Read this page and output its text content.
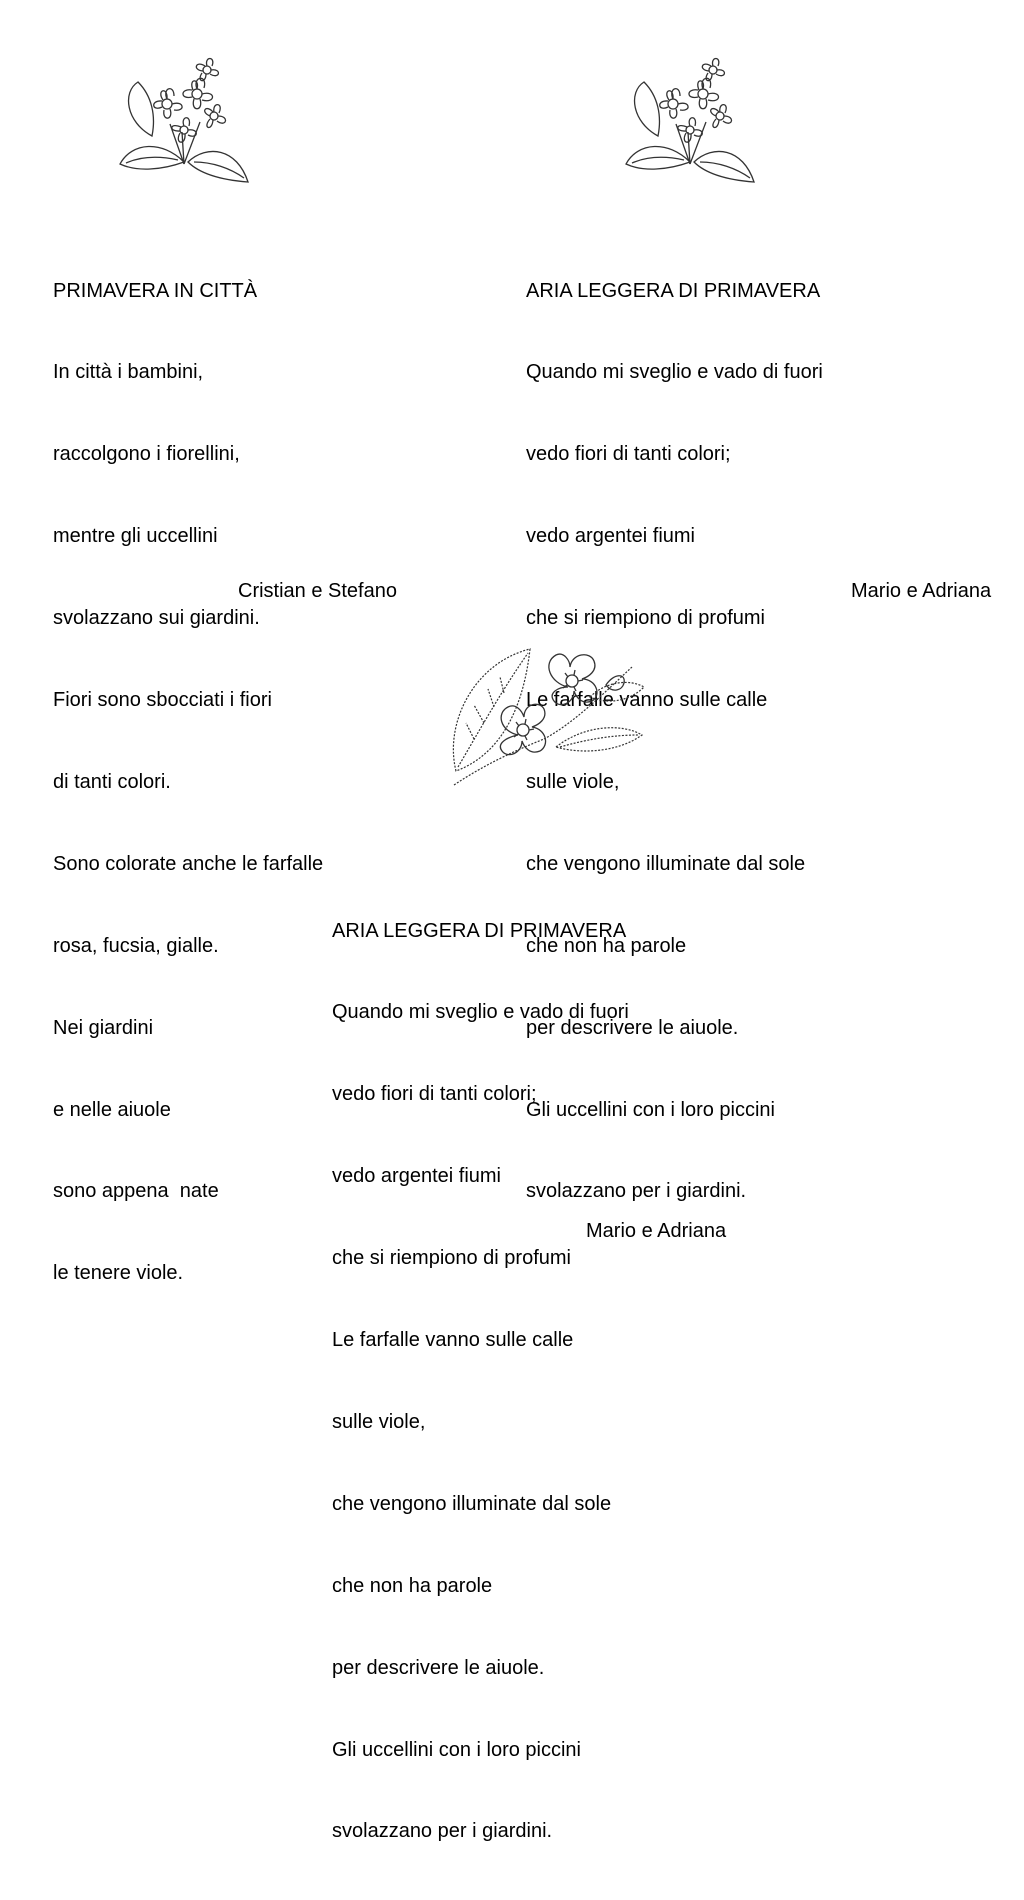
PRIMAVERA IN CITTÀ

In città i bambini,

raccolgono i fiorellini,

mentre gli uccellini

svolazzano sui giardini.

Fiori sono sbocciati i fiori

di tanti colori.

Sono colorate anche le farfalle

rosa, fucsia, gialle.

Nei giardini

e nelle aiuole

sono appena  nate

le tenere viole.

Cristian e Stefano

ARIA LEGGERA DI PRIMAVERA

Quando mi sveglio e vado di fuori

vedo fiori di tanti colori;

vedo argentei fiumi

che si riempiono di profumi

Le farfalle vanno sulle calle

sulle viole,

che vengono illuminate dal sole

che non ha parole

per descrivere le aiuole.

Gli uccellini con i loro piccini

svolazzano per i giardini.

Mario e Adriana

ARIA LEGGERA DI PRIMAVERA

Quando mi sveglio e vado di fuori

vedo fiori di tanti colori;

vedo argentei fiumi

che si riempiono di profumi

Le farfalle vanno sulle calle

sulle viole,

che vengono illuminate dal sole

che non ha parole

per descrivere le aiuole.

Gli uccellini con i loro piccini

svolazzano per i giardini.

Mario e Adriana
